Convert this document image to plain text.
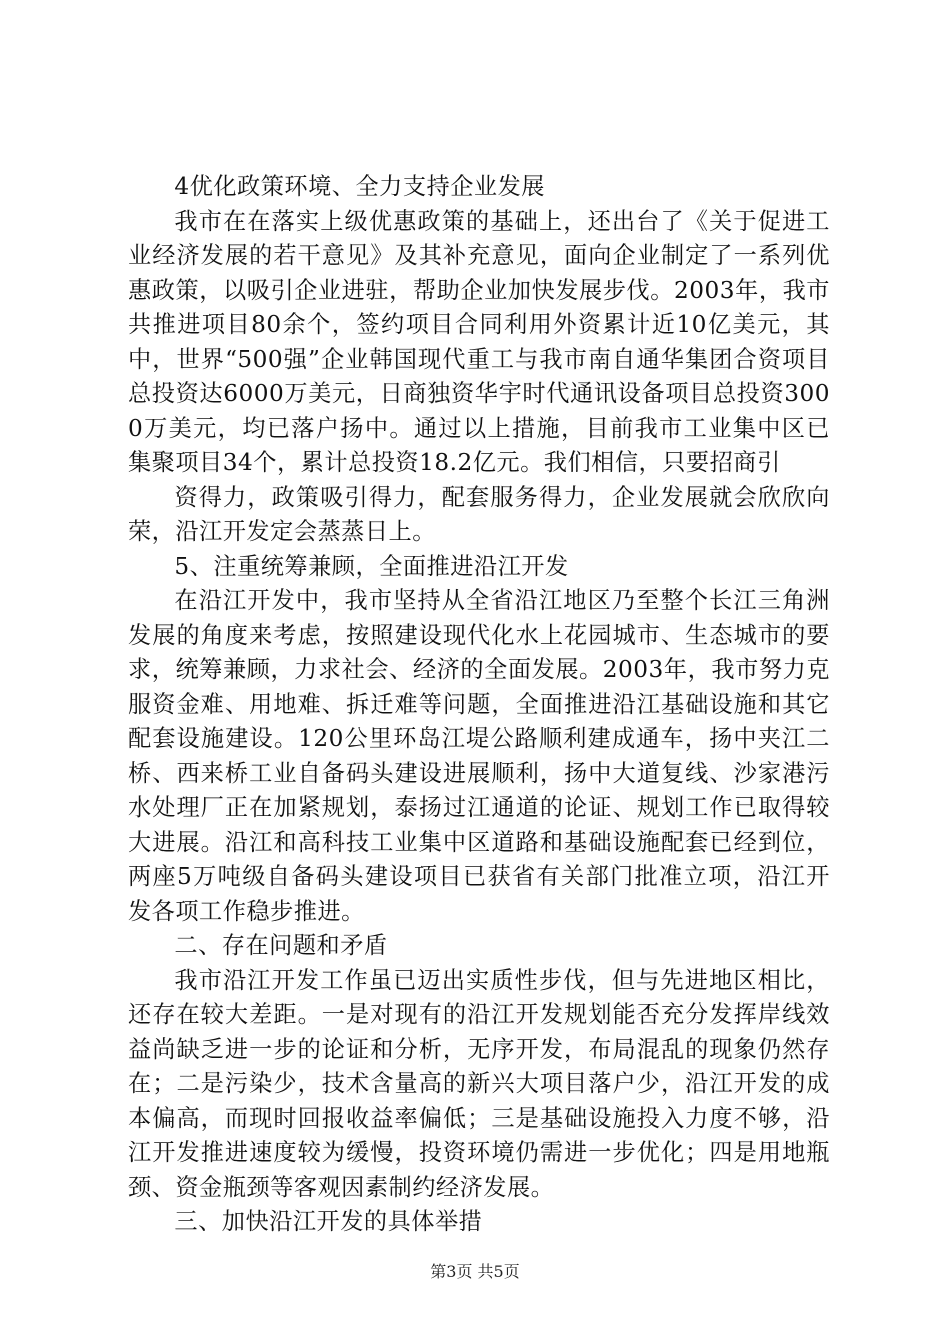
4优化政策环境、全力支持企业发展

我市在在落实上级优惠政策的基础上，还出台了《关于促进工业经济发展的若干意见》及其补充意见，面向企业制定了一系列优惠政策，以吸引企业进驻，帮助企业加快发展步伐。2003年，我市共推进项目80余个，签约项目合同利用外资累计近10亿美元，其中，世界“500强”企业韩国现代重工与我市南自通华集团合资项目总投资达6000万美元，日商独资华宇时代通讯设备项目总投资3000万美元，均已落户扬中。通过以上措施，目前我市工业集中区已集聚项目34个，累计总投资18.2亿元。我们相信，只要招商引

资得力，政策吸引得力，配套服务得力，企业发展就会欣欣向荣，沿江开发定会蒸蒸日上。

5、注重统筹兼顾，全面推进沿江开发

在沿江开发中，我市坚持从全省沿江地区乃至整个长江三角洲发展的角度来考虑，按照建设现代化水上花园城市、生态城市的要求，统筹兼顾，力求社会、经济的全面发展。2003年，我市努力克服资金难、用地难、拆迁难等问题，全面推进沿江基础设施和其它配套设施建设。120公里环岛江堤公路顺利建成通车，扬中夹江二桥、西来桥工业自备码头建设进展顺利，扬中大道复线、沙家港污水处理厂正在加紧规划，泰扬过江通道的论证、规划工作已取得较大进展。沿江和高科技工业集中区道路和基础设施配套已经到位，两座5万吨级自备码头建设项目已获省有关部门批准立项，沿江开发各项工作稳步推进。

二、存在问题和矛盾

我市沿江开发工作虽已迈出实质性步伐，但与先进地区相比，还存在较大差距。一是对现有的沿江开发规划能否充分发挥岸线效益尚缺乏进一步的论证和分析，无序开发，布局混乱的现象仍然存在；二是污染少，技术含量高的新兴大项目落户少，沿江开发的成本偏高，而现时回报收益率偏低；三是基础设施投入力度不够，沿江开发推进速度较为缓慢，投资环境仍需进一步优化；四是用地瓶颈、资金瓶颈等客观因素制约经济发展。

三、加快沿江开发的具体举措

第3页 共5页
